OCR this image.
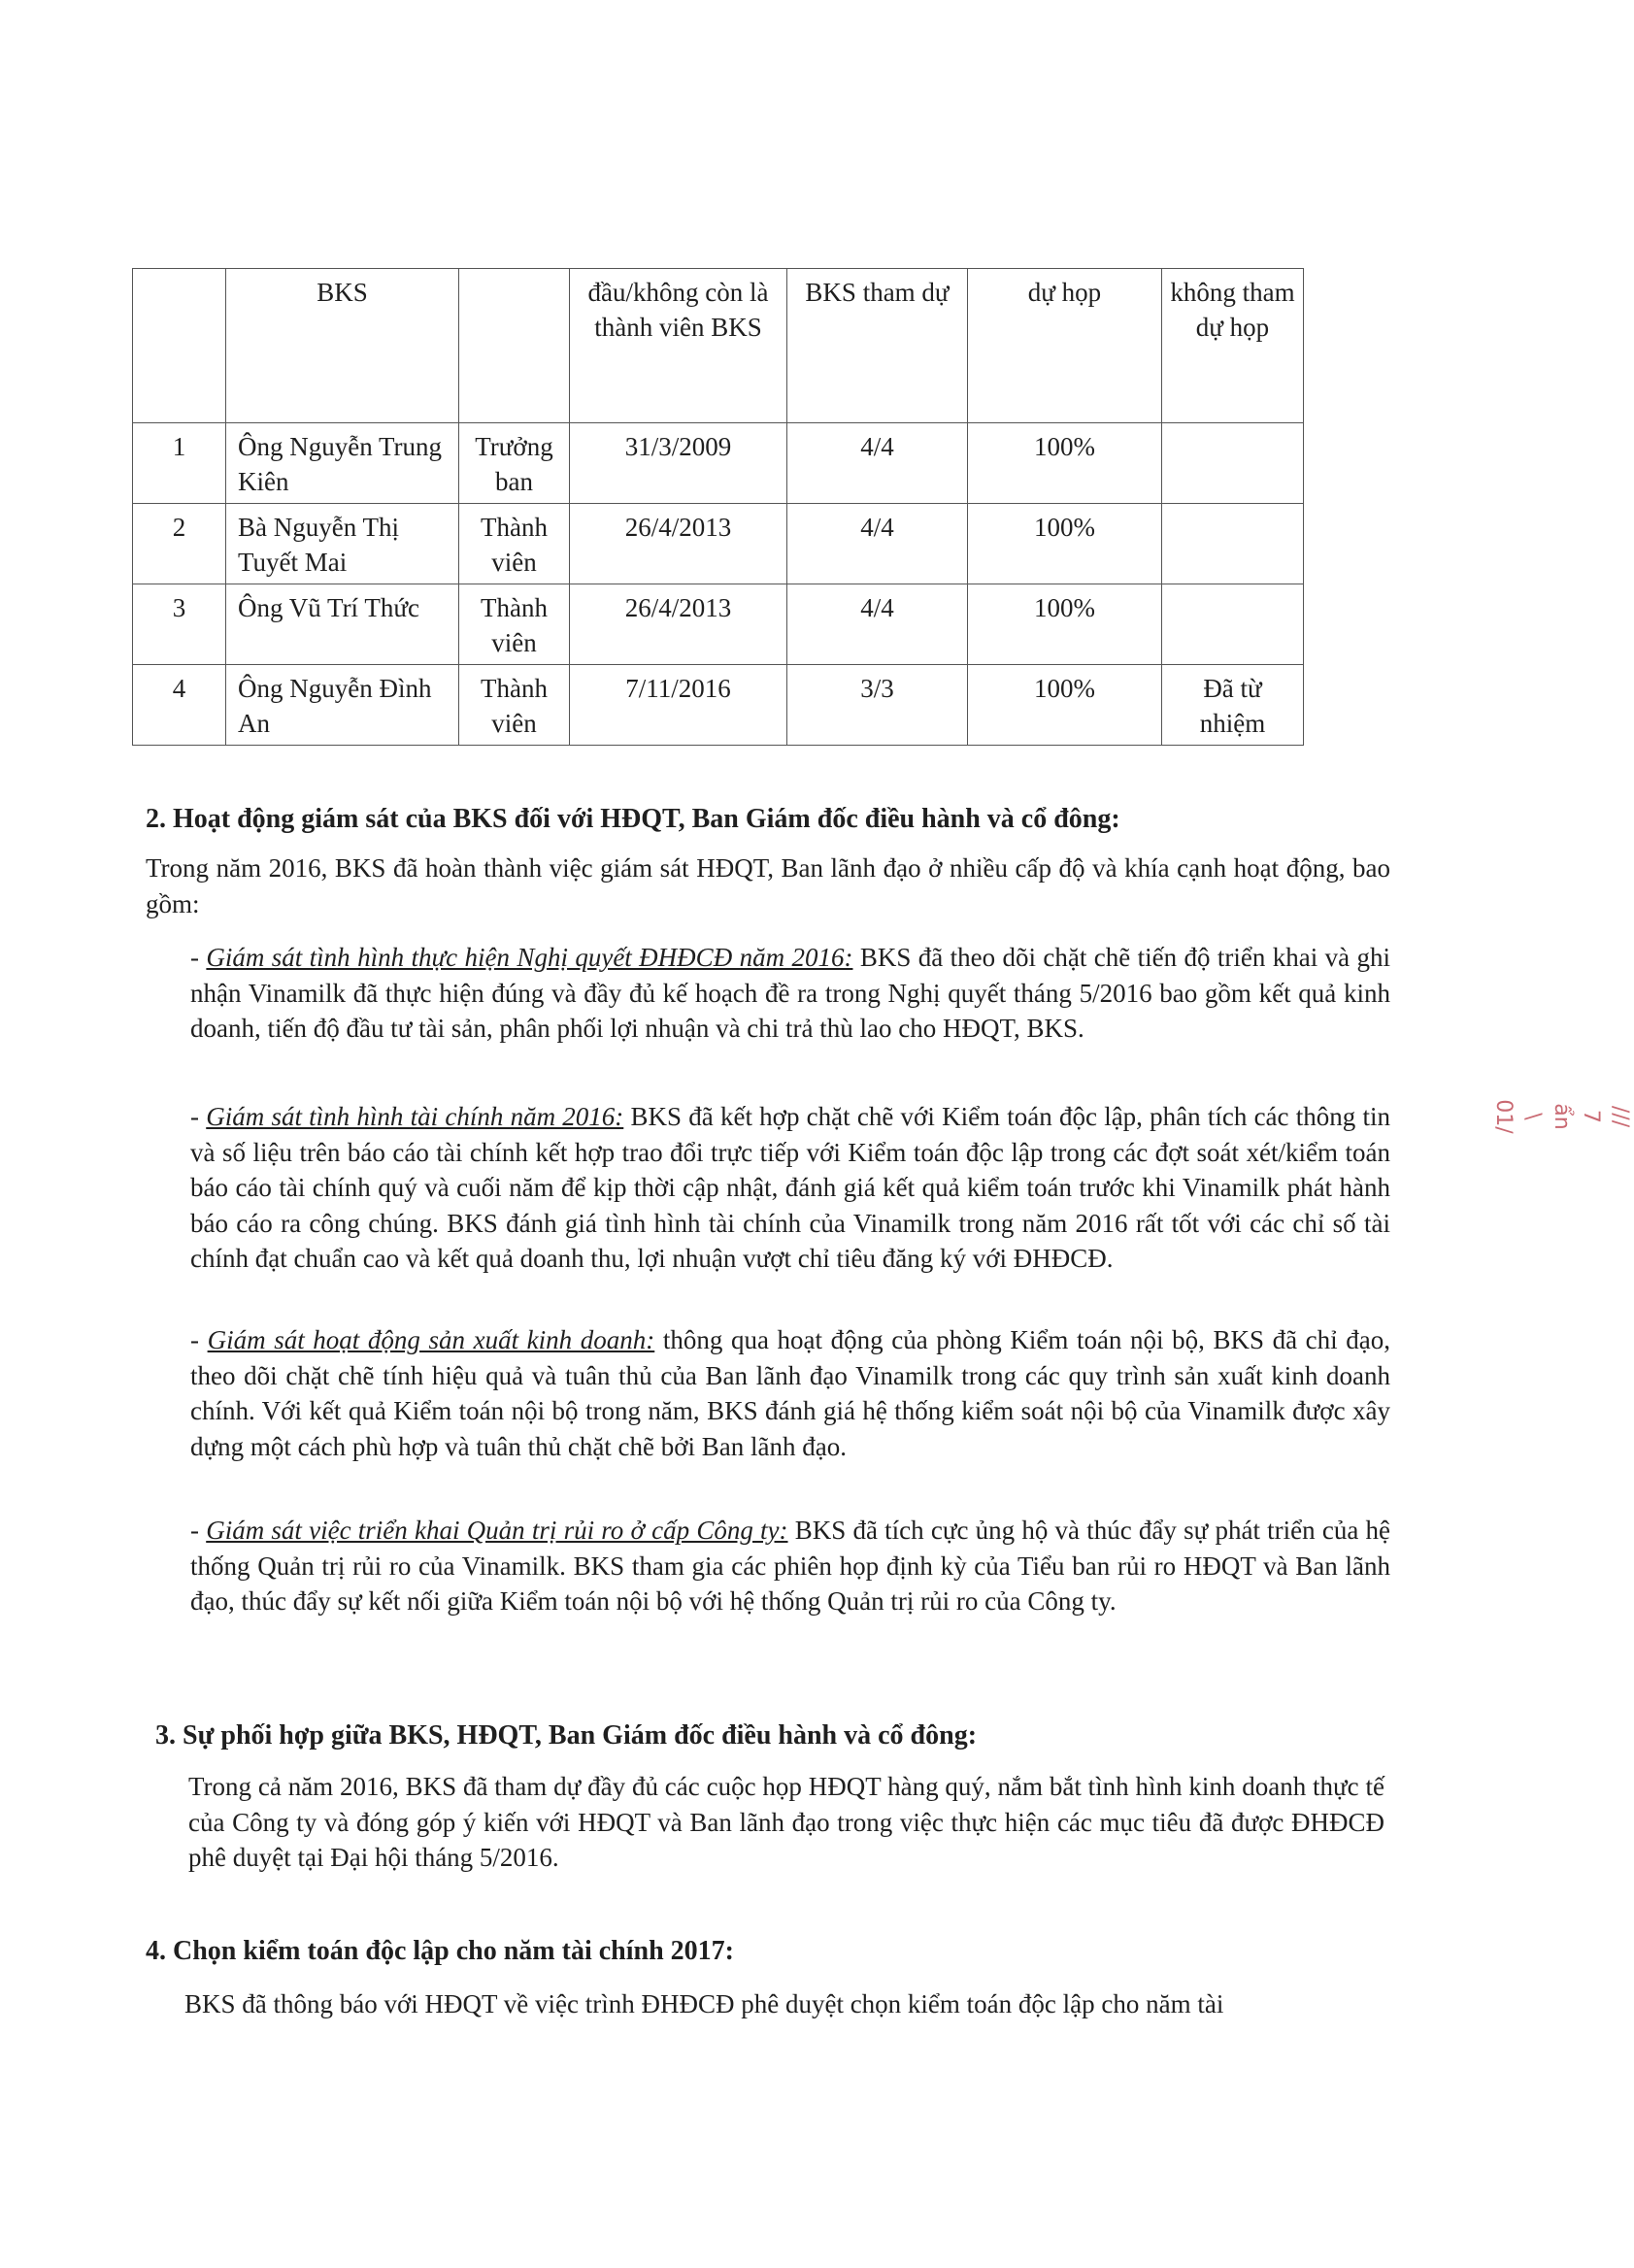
	BKS		đầu/không còn là thành viên BKS	BKS tham dự	dự họp	không tham dự họp
1	Ông Nguyễn Trung Kiên	Trưởng ban	31/3/2009	4/4	100%	
2	Bà Nguyễn Thị Tuyết Mai	Thành viên	26/4/2013	4/4	100%	
3	Ông Vũ Trí Thức	Thành viên	26/4/2013	4/4	100%	
4	Ông Nguyễn Đình An	Thành viên	7/11/2016	3/3	100%	Đã từ nhiệm
2. Hoạt động giám sát của BKS đối với HĐQT, Ban Giám đốc điều hành và cổ đông:

Trong năm 2016, BKS đã hoàn thành việc giám sát HĐQT, Ban lãnh đạo ở nhiều cấp độ và khía cạnh hoạt động, bao gồm:

- Giám sát tình hình thực hiện Nghị quyết ĐHĐCĐ năm 2016: BKS đã theo dõi chặt chẽ tiến độ triển khai và ghi nhận Vinamilk đã thực hiện đúng và đầy đủ kế hoạch đề ra trong Nghị quyết tháng 5/2016 bao gồm kết quả kinh doanh, tiến độ đầu tư tài sản, phân phối lợi nhuận và chi trả thù lao cho HĐQT, BKS.

- Giám sát tình hình tài chính năm 2016: BKS đã kết hợp chặt chẽ với Kiểm toán độc lập, phân tích các thông tin và số liệu trên báo cáo tài chính kết hợp trao đổi trực tiếp với Kiểm toán độc lập trong các đợt soát xét/kiểm toán báo cáo tài chính quý và cuối năm để kịp thời cập nhật, đánh giá kết quả kiểm toán trước khi Vinamilk phát hành báo cáo ra công chúng. BKS đánh giá tình hình tài chính của Vinamilk trong năm 2016 rất tốt với các chỉ số tài chính đạt chuẩn cao và kết quả doanh thu, lợi nhuận vượt chỉ tiêu đăng ký với ĐHĐCĐ.

- Giám sát hoạt động sản xuất kinh doanh: thông qua hoạt động của phòng Kiểm toán nội bộ, BKS đã chỉ đạo, theo dõi chặt chẽ tính hiệu quả và tuân thủ của Ban lãnh đạo Vinamilk trong các quy trình sản xuất kinh doanh chính. Với kết quả Kiểm toán nội bộ trong năm, BKS đánh giá hệ thống kiểm soát nội bộ của Vinamilk được xây dựng một cách phù hợp và tuân thủ chặt chẽ bởi Ban lãnh đạo.

- Giám sát việc triển khai Quản trị rủi ro ở cấp Công ty: BKS đã tích cực ủng hộ và thúc đẩy sự phát triển của hệ thống Quản trị rủi ro của Vinamilk. BKS tham gia các phiên họp định kỳ của Tiểu ban rủi ro HĐQT và Ban lãnh đạo, thúc đẩy sự kết nối giữa Kiểm toán nội bộ với hệ thống Quản trị rủi ro của Công ty.

3. Sự phối hợp giữa BKS, HĐQT, Ban Giám đốc điều hành và cổ đông:

Trong cả năm 2016, BKS đã tham dự đầy đủ các cuộc họp HĐQT hàng quý, nắm bắt tình hình kinh doanh thực tế của Công ty và đóng góp ý kiến với HĐQT và Ban lãnh đạo trong việc thực hiện các mục tiêu đã được ĐHĐCĐ phê duyệt tại Đại hội tháng 5/2016.

4. Chọn kiểm toán độc lập cho năm tài chính 2017:

BKS đã thông báo với HĐQT về việc trình ĐHĐCĐ phê duyệt chọn kiểm toán độc lập cho năm tài

/// 7 ẩn \ 01/
